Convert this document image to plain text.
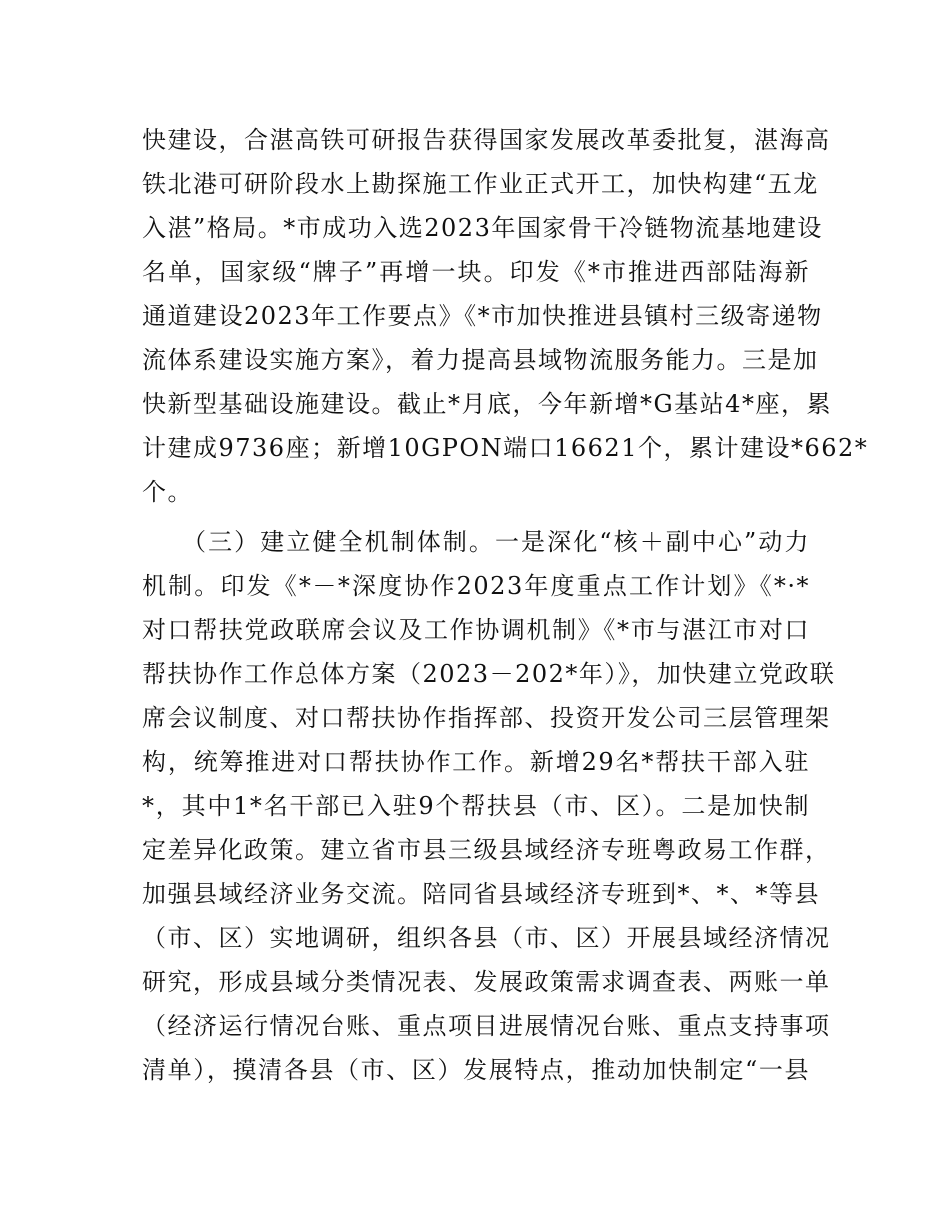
快建设，合湛高铁可研报告获得国家发展改革委批复，湛海高
铁北港可研阶段水上勘探施工作业正式开工，加快构建“五龙
入湛”格局。*市成功入选2023年国家骨干冷链物流基地建设
名单，国家级“牌子”再增一块。印发《*市推进西部陆海新
通道建设2023年工作要点》《*市加快推进县镇村三级寄递物
流体系建设实施方案》，着力提高县域物流服务能力。三是加
快新型基础设施建设。截止*月底，今年新增*G基站4*座，累
计建成9736座；新增10GPON端口16621个，累计建设*662*
个。
（三）建立健全机制体制。一是深化“核＋副中心”动力
机制。印发《*－*深度协作2023年度重点工作计划》《*·*
对口帮扶党政联席会议及工作协调机制》《*市与湛江市对口
帮扶协作工作总体方案（2023－202*年）》，加快建立党政联
席会议制度、对口帮扶协作指挥部、投资开发公司三层管理架
构，统筹推进对口帮扶协作工作。新增29名*帮扶干部入驻
*，其中1*名干部已入驻9个帮扶县（市、区）。二是加快制
定差异化政策。建立省市县三级县域经济专班粤政易工作群，
加强县域经济业务交流。陪同省县域经济专班到*、*、*等县
（市、区）实地调研，组织各县（市、区）开展县域经济情况
研究，形成县域分类情况表、发展政策需求调查表、两账一单
（经济运行情况台账、重点项目进展情况台账、重点支持事项
清单），摸清各县（市、区）发展特点，推动加快制定“一县
